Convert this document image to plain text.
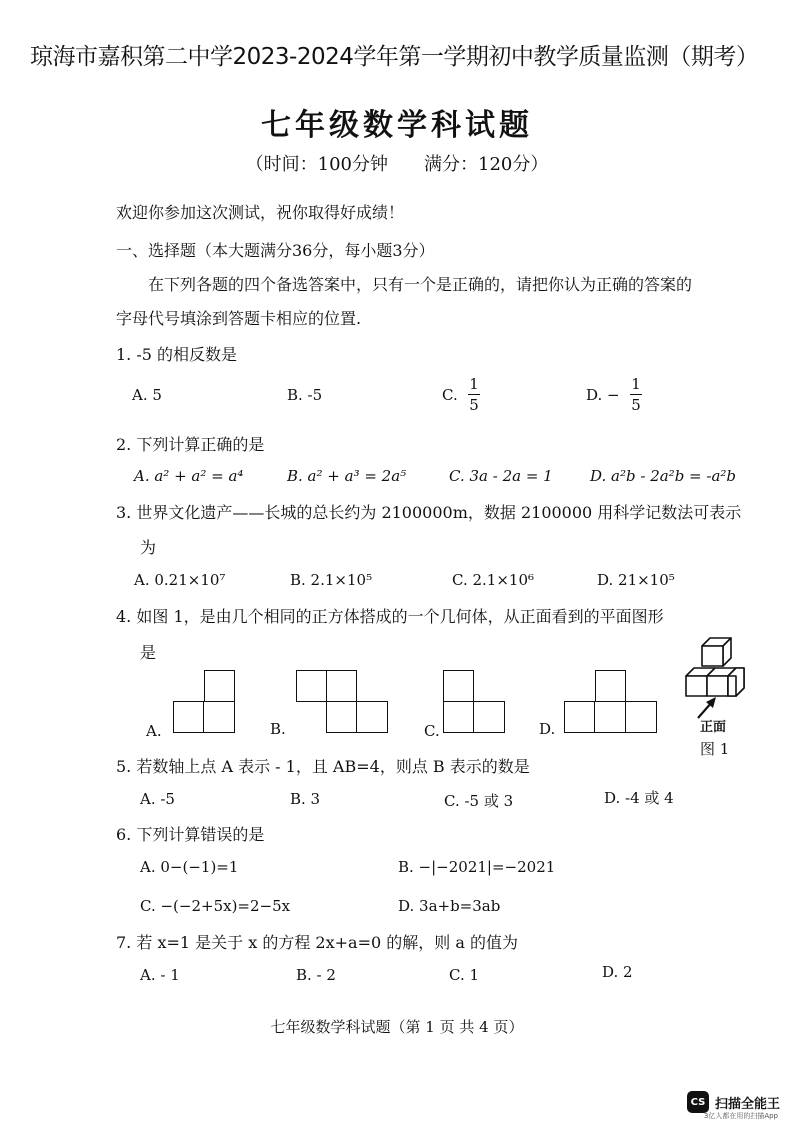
琼海市嘉积第二中学2023-2024学年第一学期初中教学质量监测（期考）
七年级数学科试题
（时间：100分钟　　满分：120分）
欢迎你参加这次测试，祝你取得好成绩！
一、选择题（本大题满分36分，每小题3分）
在下列各题的四个备选答案中，只有一个是正确的，请把你认为正确的答案的
字母代号填涂到答题卡相应的位置.
1. -5 的相反数是
A. 5	B. -5	C.
1
5
D. −
1
5
2. 下列计算正确的是
A. a² + a² = a⁴	B. a² + a³ = 2a⁵	C. 3a - 2a = 1 D. a²b - 2a²b = -a²b
3. 世界文化遗产——长城的总长约为 2100000m，数据 2100000 用科学记数法可表示
为
A. 0.21×10⁷	B. 2.1×10⁵	C. 2.1×10⁶	D. 21×10⁵
4. 如图 1，是由几个相同的正方体搭成的一个几何体，从正面看到的平面图形
是
A.	B.	C.	D.	正面
图 1
5. 若数轴上点 A 表示 - 1，且 AB=4，则点 B 表示的数是
A. -5	B. 3	C. -5 或 3	D. -4 或 4
6. 下列计算错误的是
A. 0−(−1)=1	B. −|−2021|=−2021
C. −(−2+5x)=2−5x	D. 3a+b=3ab
7. 若 x=1 是关于 x 的方程 2x+a=0 的解，则 a 的值为
A. - 1	B. - 2	C. 1	D. 2
七年级数学科试题（第 1 页 共 4 页）
CS 扫描全能王
3亿人都在用的扫描App
